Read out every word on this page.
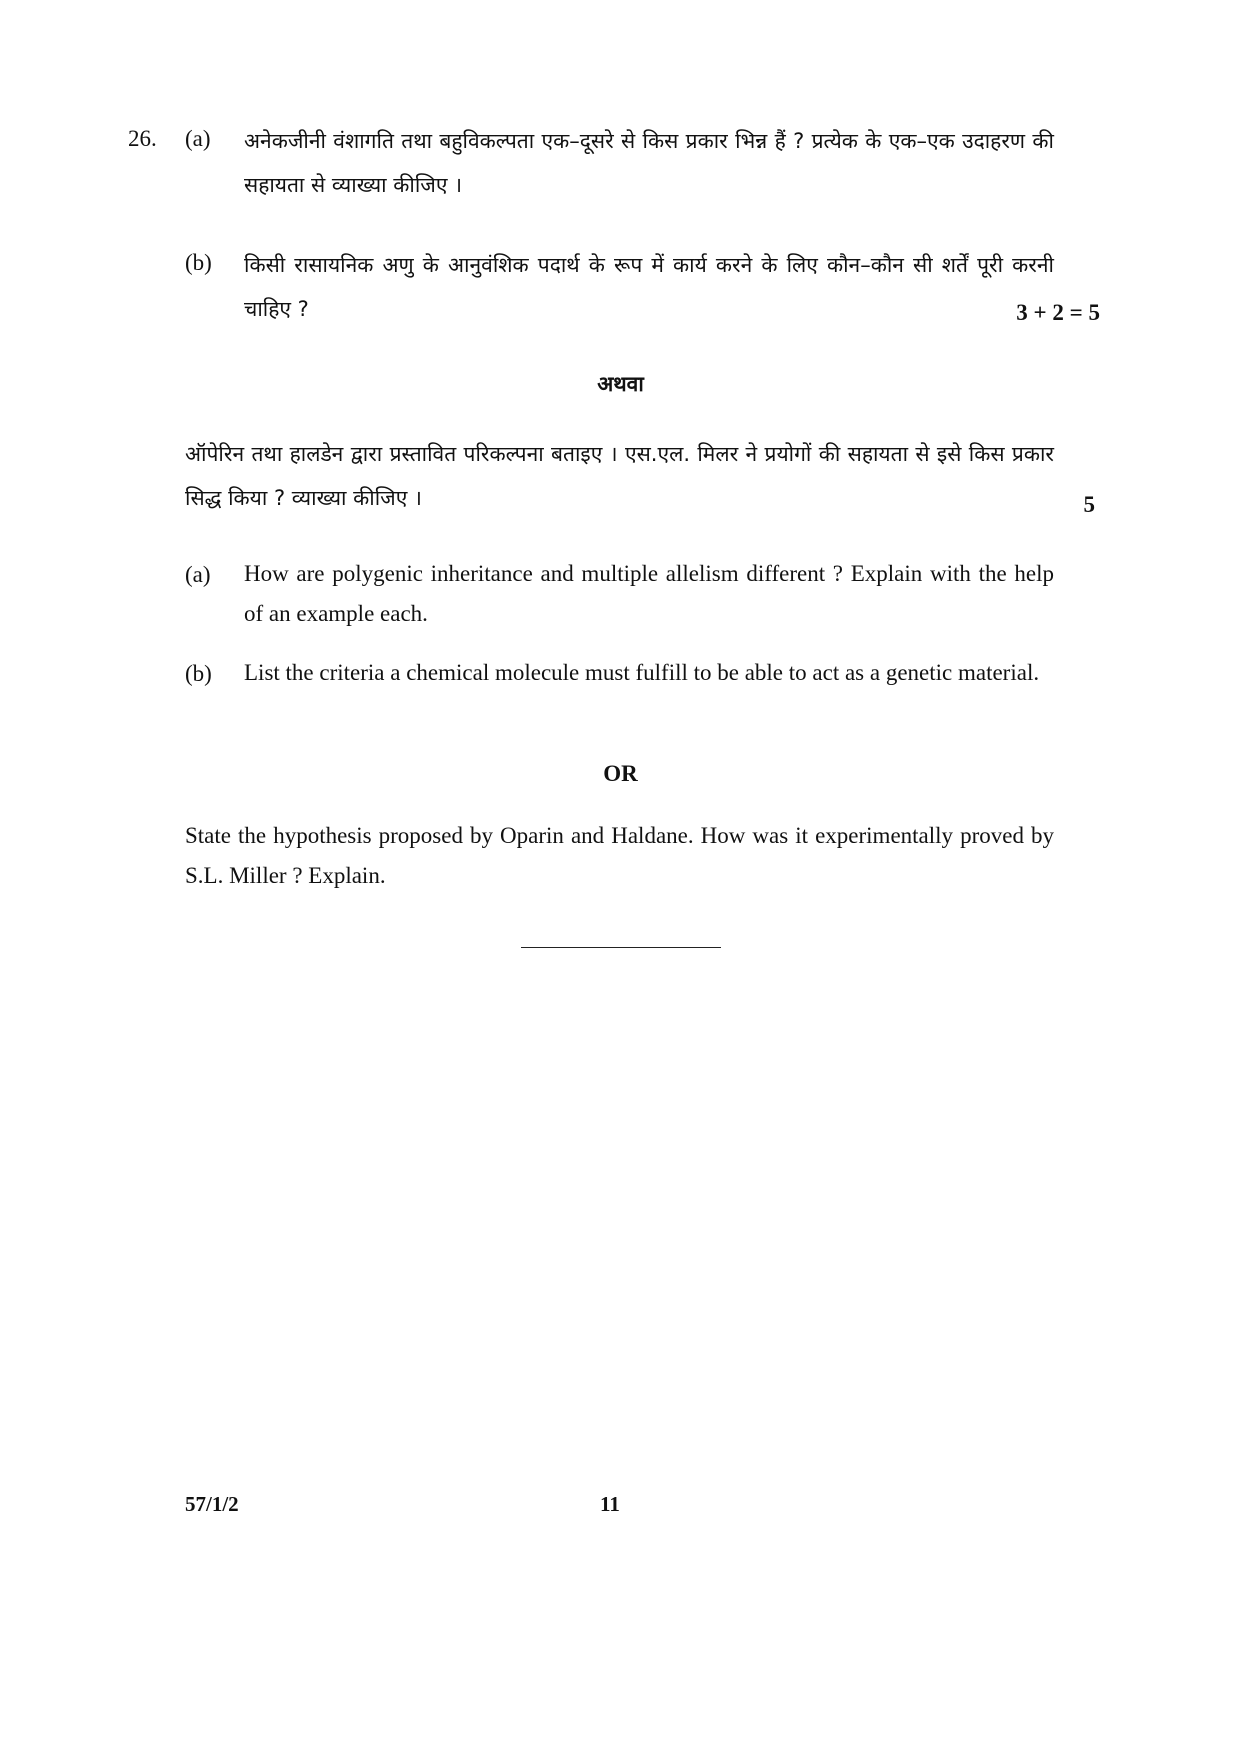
26. (a) अनेकजीनी वंशागति तथा बहुविकल्पता एक–दूसरे से किस प्रकार भिन्न हैं ? प्रत्येक के एक–एक उदाहरण की सहायता से व्याख्या कीजिए ।
(b) किसी रासायनिक अणु के आनुवंशिक पदार्थ के रूप में कार्य करने के लिए कौन–कौन सी शर्तें पूरी करनी चाहिए ?	3 + 2 = 5
अथवा
ऑपेरिन तथा हालडेन द्वारा प्रस्तावित परिकल्पना बताइए । एस.एल. मिलर ने प्रयोगों की सहायता से इसे किस प्रकार सिद्ध किया ? व्याख्या कीजिए ।	5
(a) How are polygenic inheritance and multiple allelism different ? Explain with the help of an example each.
(b) List the criteria a chemical molecule must fulfill to be able to act as a genetic material.
OR
State the hypothesis proposed by Oparin and Haldane. How was it experimentally proved by S.L. Miller ? Explain.
57/1/2	11
